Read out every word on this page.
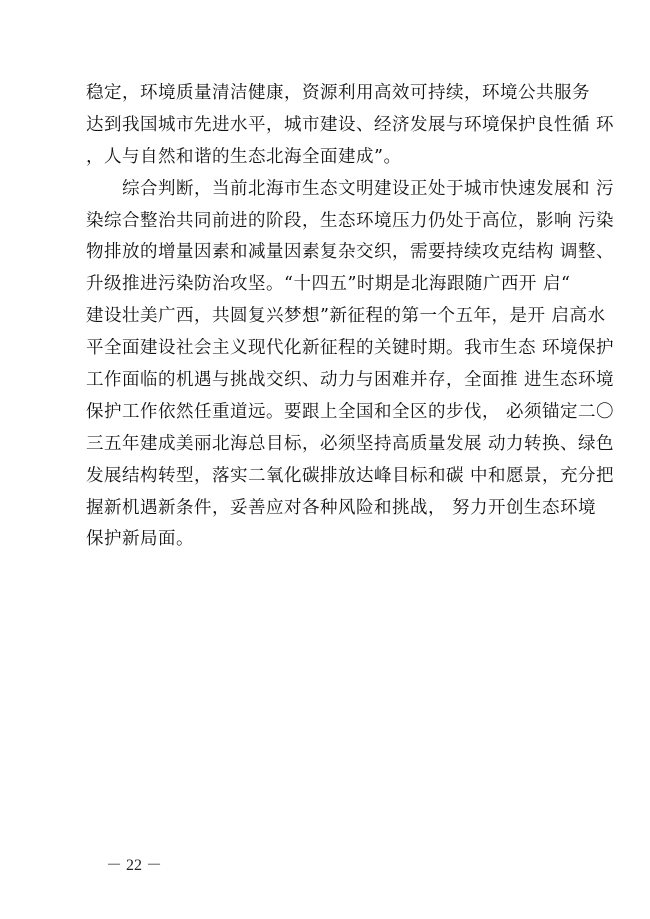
稳定，环境质量清洁健康，资源利用高效可持续，环境公共服务
达到我国城市先进水平，城市建设、经济发展与环境保护良性循 环
，人与自然和谐的生态北海全面建成”。
　　综合判断，当前北海市生态文明建设正处于城市快速发展和 污
染综合整治共同前进的阶段，生态环境压力仍处于高位，影响 污染
物排放的增量因素和减量因素复杂交织，需要持续攻克结构 调整、
升级推进污染防治攻坚。“十四五”时期是北海跟随广西开 启“
建设壮美广西，共圆复兴梦想”新征程的第一个五年，是开 启高水
平全面建设社会主义现代化新征程的关键时期。我市生态 环境保护
工作面临的机遇与挑战交织、动力与困难并存，全面推 进生态环境
保护工作依然任重道远。要跟上全国和全区的步伐， 必须锚定二〇
三五年建成美丽北海总目标，必须坚持高质量发展 动力转换、绿色
发展结构转型，落实二氧化碳排放达峰目标和碳 中和愿景，充分把
握新机遇新条件，妥善应对各种风险和挑战， 努力开创生态环境
保护新局面。
－ 22 －
